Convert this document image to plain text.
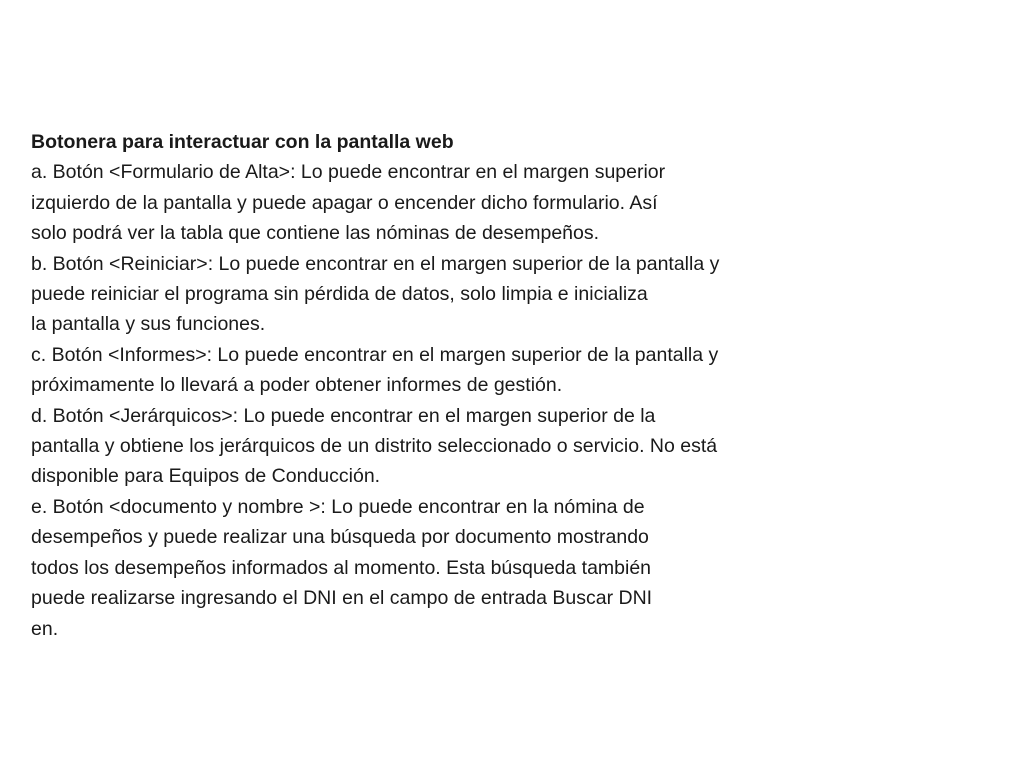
Botonera para interactuar con la pantalla web
a. Botón <Formulario de Alta>: Lo puede encontrar en el margen superior
izquierdo de la pantalla y puede apagar o encender dicho formulario. Así
solo podrá ver la tabla que contiene las nóminas de desempeños.
b. Botón <Reiniciar>: Lo puede encontrar en el margen superior de la pantalla y
puede reiniciar el programa sin pérdida de datos, solo limpia e inicializa
la pantalla y sus funciones.
c. Botón <Informes>: Lo puede encontrar en el margen superior de la pantalla y
próximamente lo llevará a poder obtener informes de gestión.
d. Botón <Jerárquicos>: Lo puede encontrar en el margen superior de la
pantalla y obtiene los jerárquicos de un distrito seleccionado o servicio. No está
disponible para Equipos de Conducción.
e. Botón <documento y nombre >: Lo puede encontrar en la nómina de
desempeños y puede realizar una búsqueda por documento mostrando
todos los desempeños informados al momento. Esta búsqueda también
puede realizarse ingresando el DNI en el campo de entrada Buscar DNI
en.
